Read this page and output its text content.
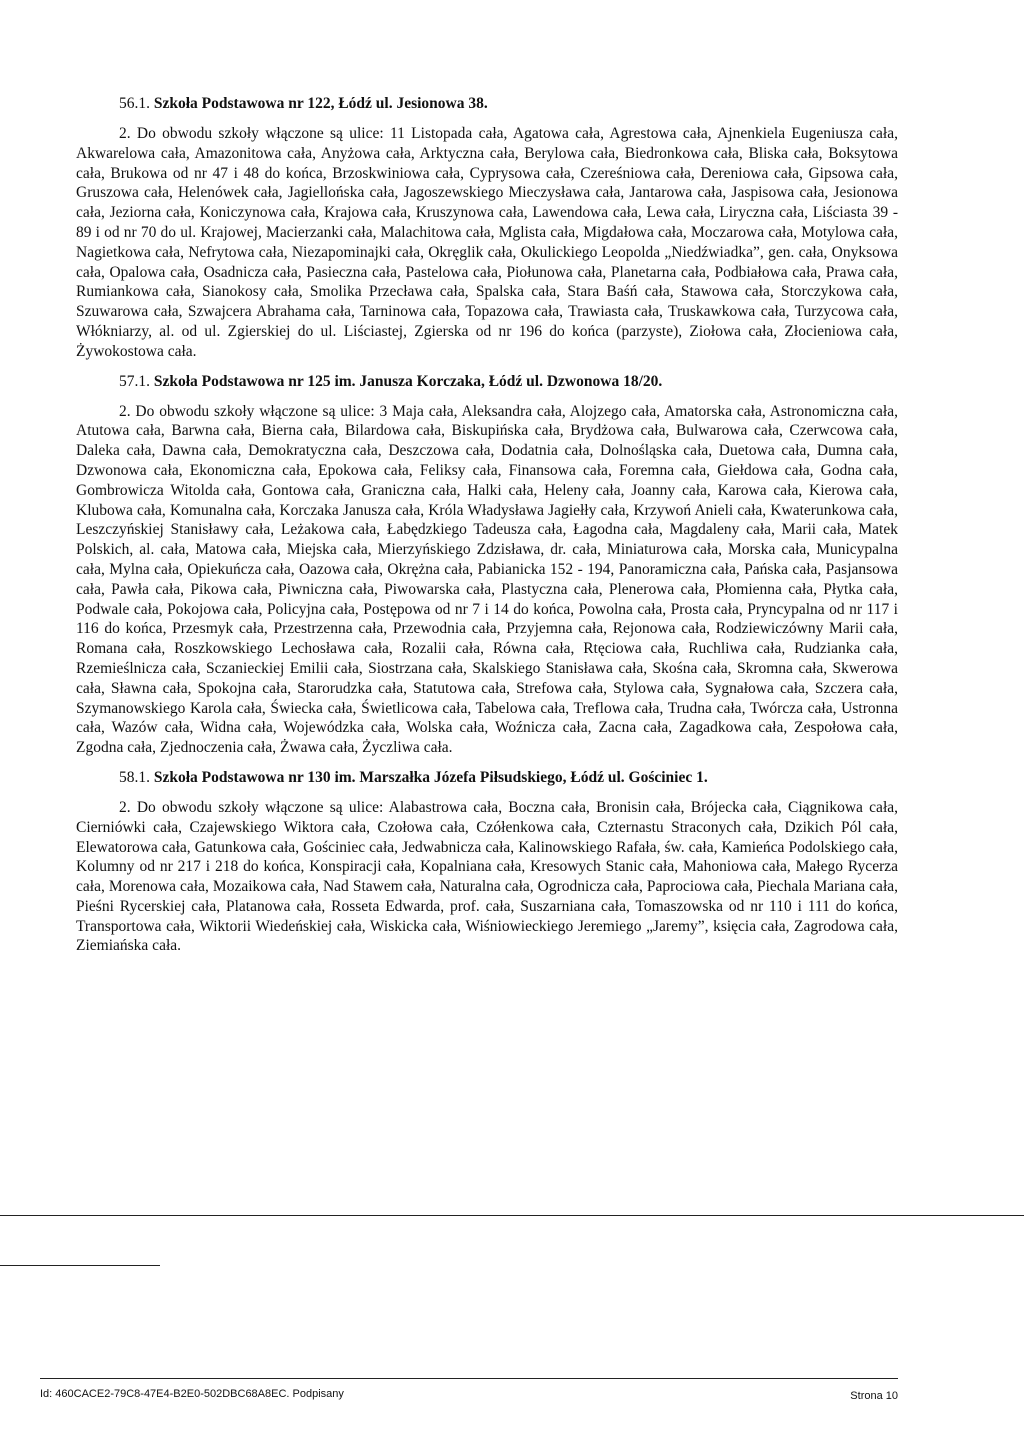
56.1. Szkoła Podstawowa nr 122, Łódź ul. Jesionowa 38.

2. Do obwodu szkoły włączone są ulice: 11 Listopada cała, Agatowa cała, Agrestowa cała, Ajnenkiela Eugeniusza cała, Akwarelowa cała, Amazonitowa cała, Anyżowa cała, Arktyczna cała, Berylowa cała, Biedronkowa cała, Bliska cała, Boksytowa cała, Brukowa od nr 47 i 48 do końca, Brzoskwiniowa cała, Cyprysowa cała, Czereśniowa cała, Dereniowa cała, Gipsowa cała, Gruszowa cała, Helenówek cała, Jagiellońska cała, Jagoszewskiego Mieczysława cała, Jantarowa cała, Jaspisowa cała, Jesionowa cała, Jeziorna cała, Koniczynowa cała, Krajowa cała, Kruszynowa cała, Lawendowa cała, Lewa cała, Liryczna cała, Liściasta 39 - 89 i od nr 70 do ul. Krajowej, Macierzanki cała, Malachitowa cała, Mglista cała, Migdałowa cała, Moczarowa cała, Motylowa cała, Nagietkowa cała, Nefrytowa cała, Niezapominajki cała, Okręglik cała, Okulickiego Leopolda „Niedźwiadka”, gen. cała, Onyksowa cała, Opalowa cała, Osadnicza cała, Pasieczna cała, Pastelowa cała, Piołunowa cała, Planetarna cała, Podbiałowa cała, Prawa cała, Rumiankowa cała, Sianokosy cała, Smolika Przecława cała, Spalska cała, Stara Baśń cała, Stawowa cała, Storczykowa cała, Szuwarowa cała, Szwajcera Abrahama cała, Tarninowa cała, Topazowa cała, Trawiasta cała, Truskawkowa cała, Turzycowa cała, Włókniarzy, al. od ul. Zgierskiej do ul. Liściastej, Zgierska od nr 196 do końca (parzyste), Ziołowa cała, Złocieniowa cała, Żywokostowa cała.

57.1. Szkoła Podstawowa nr 125 im. Janusza Korczaka, Łódź ul. Dzwonowa 18/20.

2. Do obwodu szkoły włączone są ulice: 3 Maja cała, Aleksandra cała, Alojzego cała, Amatorska cała, Astronomiczna cała, Atutowa cała, Barwna cała, Bierna cała, Bilardowa cała, Biskupińska cała, Brydżowa cała, Bulwarowa cała, Czerwcowa cała, Daleka cała, Dawna cała, Demokratyczna cała, Deszczowa cała, Dodatnia cała, Dolnośląska cała, Duetowa cała, Dumna cała, Dzwonowa cała, Ekonomiczna cała, Epokowa cała, Feliksy cała, Finansowa cała, Foremna cała, Giełdowa cała, Godna cała, Gombrowicza Witolda cała, Gontowa cała, Graniczna cała, Halki cała, Heleny cała, Joanny cała, Karowa cała, Kierowa cała, Klubowa cała, Komunalna cała, Korczaka Janusza cała, Króla Władysława Jagiełły cała, Krzywoń Anieli cała, Kwaterunkowa cała, Leszczyńskiej Stanisławy cała, Leżakowa cała, Łabędzkiego Tadeusza cała, Łagodna cała, Magdaleny cała, Marii cała, Matek Polskich, al. cała, Matowa cała, Miejska cała, Mierzyńskiego Zdzisława, dr. cała, Miniaturowa cała, Morska cała, Municypalna cała, Mylna cała, Opiekuńcza cała, Oazowa cała, Okrężna cała, Pabianicka 152 - 194, Panoramiczna cała, Pańska cała, Pasjansowa cała, Pawła cała, Pikowa cała, Piwniczna cała, Piwowarska cała, Plastyczna cała, Plenerowa cała, Płomienna cała, Płytka cała, Podwale cała, Pokojowa cała, Policyjna cała, Postępowa od nr 7 i 14 do końca, Powolna cała, Prosta cała, Pryncypalna od nr 117 i 116 do końca, Przesmyk cała, Przestrzenna cała, Przewodnia cała, Przyjemna cała, Rejonowa cała, Rodziewiczówny Marii cała, Romana cała, Roszkowskiego Lechosława cała, Rozalii cała, Równa cała, Rtęciowa cała, Ruchliwa cała, Rudzianka cała, Rzemieślnicza cała, Sczanieckiej Emilii cała, Siostrzana cała, Skalskiego Stanisława cała, Skośna cała, Skromna cała, Skwerowa cała, Sławna cała, Spokojna cała, Starorudzka cała, Statutowa cała, Strefowa cała, Stylowa cała, Sygnałowa cała, Szczera cała, Szymanowskiego Karola cała, Świecka cała, Świetlicowa cała, Tabelowa cała, Treflowa cała, Trudna cała, Twórcza cała, Ustronna cała, Wazów cała, Widna cała, Wojewódzka cała, Wolska cała, Woźnicza cała, Zacna cała, Zagadkowa cała, Zespołowa cała, Zgodna cała, Zjednoczenia cała, Żwawa cała, Życzliwa cała.

58.1. Szkoła Podstawowa nr 130 im. Marszałka Józefa Piłsudskiego, Łódź ul. Gościniec 1.

2. Do obwodu szkoły włączone są ulice: Alabastrowa cała, Boczna cała, Bronisin cała, Brójecka cała, Ciągnikowa cała, Cierniówki cała, Czajewskiego Wiktora cała, Czołowa cała, Czółenkowa cała, Czternastu Straconych cała, Dzikich Pól cała, Elewatorowa cała, Gatunkowa cała, Gościniec cała, Jedwabnicza cała, Kalinowskiego Rafała, św. cała, Kamieńca Podolskiego cała, Kolumny od nr 217 i 218 do końca, Konspiracji cała, Kopalniana cała, Kresowych Stanic cała, Mahoniowa cała, Małego Rycerza cała, Morenowa cała, Mozaikowa cała, Nad Stawem cała, Naturalna cała, Ogrodnicza cała, Paprociowa cała, Piechala Mariana cała, Pieśni Rycerskiej cała, Platanowa cała, Rosseta Edwarda, prof. cała, Suszarniana cała, Tomaszowska od nr 110 i 111 do końca, Transportowa cała, Wiktorii Wiedeńskiej cała, Wiskicka cała, Wiśniowieckiego Jeremiego „Jaremy”, księcia cała, Zagrodowa cała, Ziemiańska cała.

Id: 460CACE2-79C8-47E4-B2E0-502DBC68A8EC. Podpisany	Strona 10
